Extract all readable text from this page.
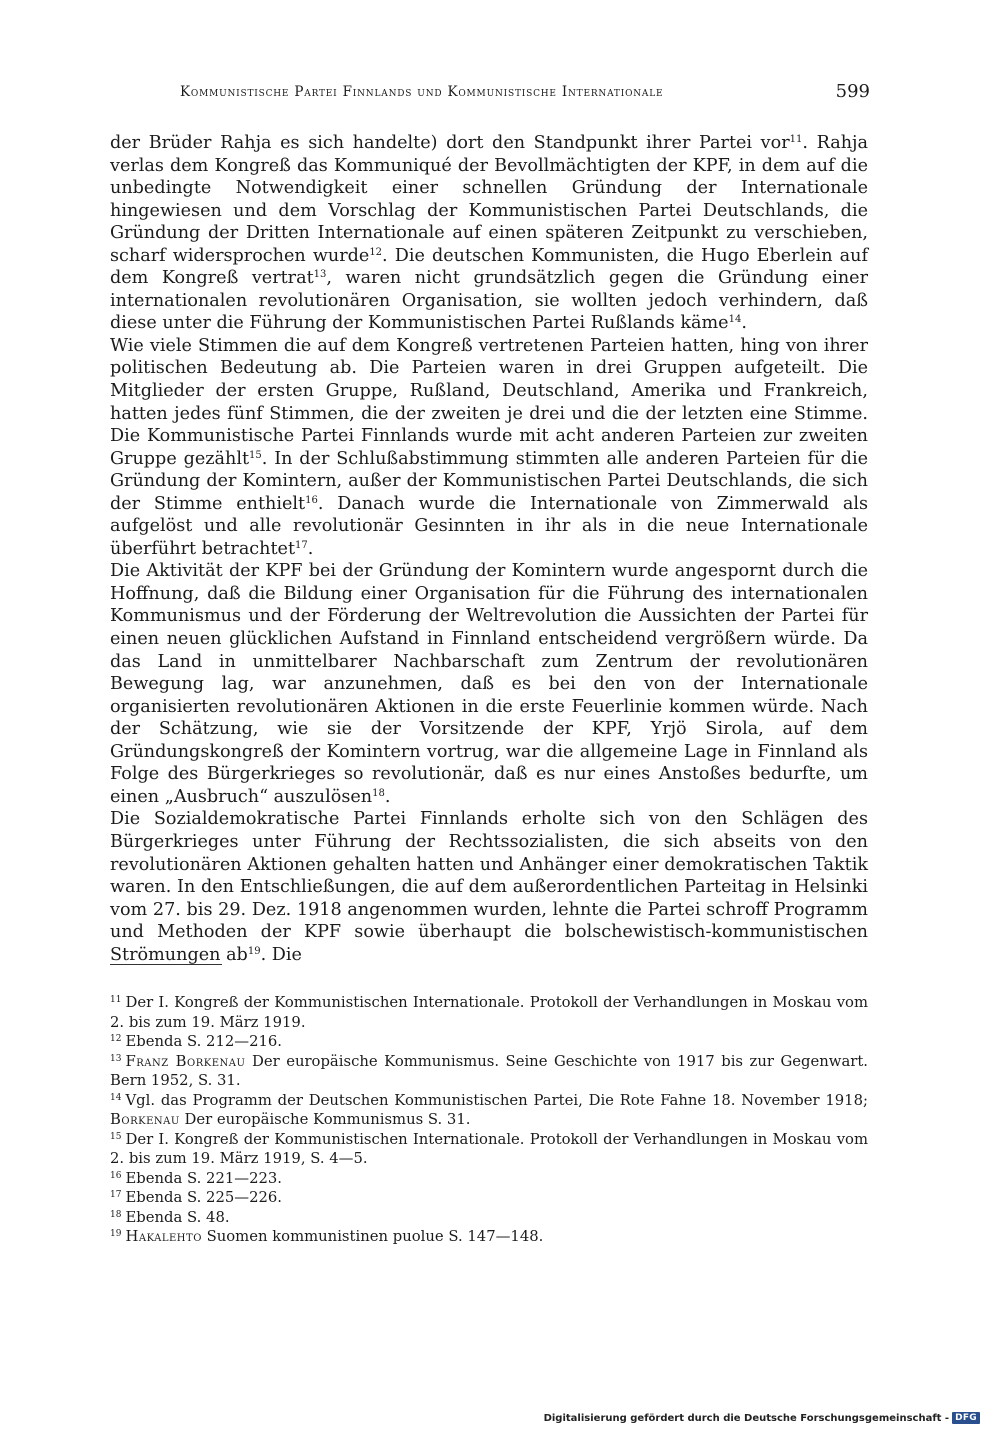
Kommunistische Partei Finnlands und Kommunistische Internationale	599

der Brüder Rahja es sich handelte) dort den Standpunkt ihrer Partei vor$^{11}$. Rahja verlas dem Kongreß das Kommuniqué der Bevollmächtigten der KPF, in dem auf die unbedingte Notwendigkeit einer schnellen Gründung der Internationale hingewiesen und dem Vorschlag der Kommunistischen Partei Deutschlands, die Gründung der Dritten Internationale auf einen späteren Zeitpunkt zu verschieben, scharf widersprochen wurde$^{12}$. Die deutschen Kommunisten, die Hugo Eberlein auf dem Kongreß vertrat$^{13}$, waren nicht grundsätzlich gegen die Gründung einer internationalen revolutionären Organisation, sie wollten jedoch verhindern, daß diese unter die Führung der Kommunistischen Partei Rußlands käme$^{14}$.

Wie viele Stimmen die auf dem Kongreß vertretenen Parteien hatten, hing von ihrer politischen Bedeutung ab. Die Parteien waren in drei Gruppen aufgeteilt. Die Mitglieder der ersten Gruppe, Rußland, Deutschland, Amerika und Frankreich, hatten jedes fünf Stimmen, die der zweiten je drei und die der letzten eine Stimme. Die Kommunistische Partei Finnlands wurde mit acht anderen Parteien zur zweiten Gruppe gezählt$^{15}$. In der Schlußabstimmung stimmten alle anderen Parteien für die Gründung der Komintern, außer der Kommunistischen Partei Deutschlands, die sich der Stimme enthielt$^{16}$. Danach wurde die Internationale von Zimmerwald als aufgelöst und alle revolutionär Gesinnten in ihr als in die neue Internationale überführt betrachtet$^{17}$.

Die Aktivität der KPF bei der Gründung der Komintern wurde angespornt durch die Hoffnung, daß die Bildung einer Organisation für die Führung des internationalen Kommunismus und der Förderung der Weltrevolution die Aussichten der Partei für einen neuen glücklichen Aufstand in Finnland entscheidend vergrößern würde. Da das Land in unmittelbarer Nachbarschaft zum Zentrum der revolutionären Bewegung lag, war anzunehmen, daß es bei den von der Internationale organisierten revolutionären Aktionen in die erste Feuerlinie kommen würde. Nach der Schätzung, wie sie der Vorsitzende der KPF, Yrjö Sirola, auf dem Gründungskongreß der Komintern vortrug, war die allgemeine Lage in Finnland als Folge des Bürgerkrieges so revolutionär, daß es nur eines Anstoßes bedurfte, um einen „Ausbruch“ auszulösen$^{18}$.

Die Sozialdemokratische Partei Finnlands erholte sich von den Schlägen des Bürgerkrieges unter Führung der Rechtssozialisten, die sich abseits von den revolutionären Aktionen gehalten hatten und Anhänger einer demokratischen Taktik waren. In den Entschließungen, die auf dem außerordentlichen Parteitag in Helsinki vom 27. bis 29. Dez. 1918 angenommen wurden, lehnte die Partei schroff Programm und Methoden der KPF sowie überhaupt die bolschewistisch-kommunistischen Strömungen $ab^{19}$. Die

$^{11}$ Der I. Kongreß der Kommunistischen Internationale. Protokoll der Verhandlungen in Moskau vom 2. bis zum 19. März 1919.

$^{12}$ Ebenda S. 212—216.

$^{13}$ Franz Borkenau Der europäische Kommunismus. Seine Geschichte von 1917 bis zur Gegenwart. Bern 1952, S. 31.

$^{14}$ Vgl. das Programm der Deutschen Kommunistischen Partei, Die Rote Fahne 18. November 1918; Borkenau Der europäische Kommunismus S. 31.

$^{15}$ Der I. Kongreß der Kommunistischen Internationale. Protokoll der Verhandlungen in Moskau vom 2. bis zum 19. März 1919, S. 4—5.

$^{16}$ Ebenda S. 221—223.

$^{17}$ Ebenda S. 225—226.

$^{18}$ Ebenda S. 48.

$^{19}$ Hakalehto Suomen kommunistinen puolue S. 147—148.

Digitalisierung gefördert durch die Deutsche Forschungsgemeinschaft - DFG
